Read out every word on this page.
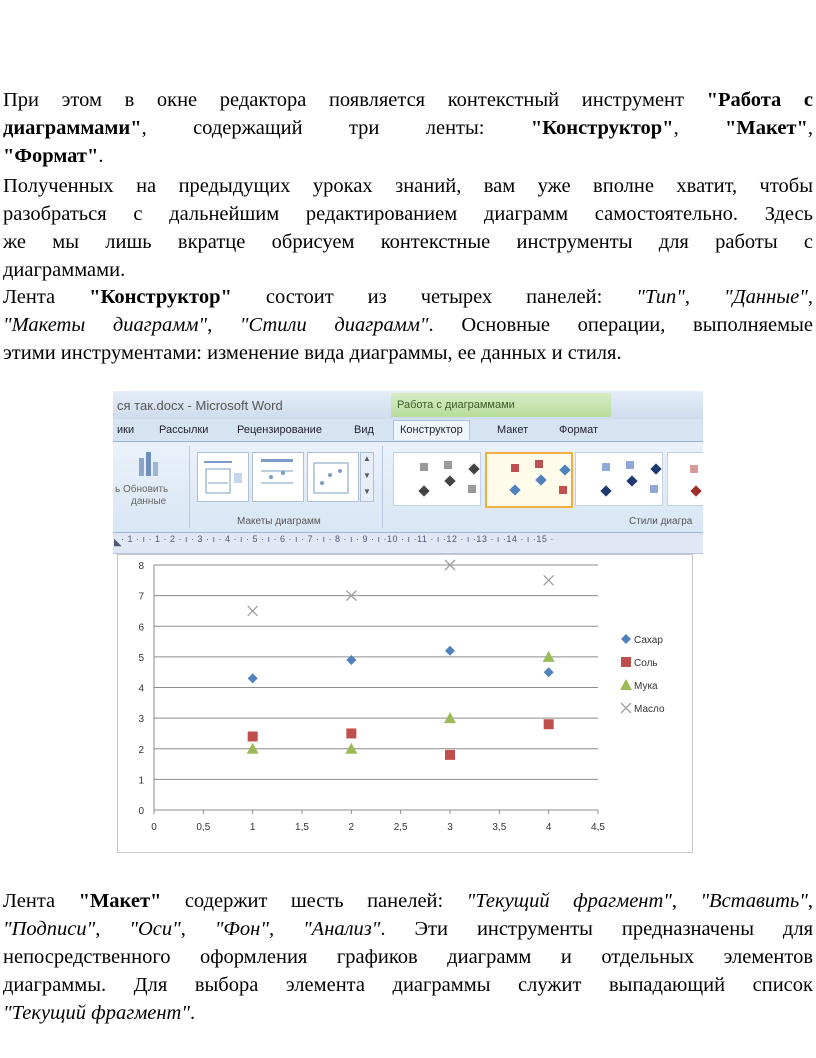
При этом в окне редактора появляется контекстный инструмент "Работа с
диаграммами", содержащий три ленты: "Конструктор", "Макет",
"Формат".
Полученных на предыдущих уроках знаний, вам уже вполне хватит, чтобы
разобраться с дальнейшим редактированием диаграмм самостоятельно. Здесь
же мы лишь вкратце обрисуем контекстные инструменты для работы с
диаграммами.
Лента "Конструктор" состоит из четырех панелей: "Тип", "Данные",
"Макеты диаграмм", "Стили диаграмм". Основные операции, выполняемые
этими инструментами: изменение вида диаграммы, ее данных и стиля.
ся так.docx - Microsoft Word	Работа с диаграммами
ики Рассылки	Рецензирование	Вид	Конструктор	Макет	Формат
ь Обновить
данные
▲
▼
▼
Макеты диаграмм	Стили диагра
◣ · 1 · ı · 1 · 2 · ı · 3 · ı · 4 · ı · 5 · ı · 6 · ı · 7 · ı · 8 · ı · 9 · ı ·10 · ı ·11 · ı ·12 · ı ·13 · ı ·14 · ı ·15 ·
0
1
2
3
4
5
6
7
8
0	0,5	1	1,5	2	2,5	3	3,5	4	4,5
Сахар
Соль
Мука
Масло
Лента "Макет" содержит шесть панелей: "Текущий фрагмент", "Вставить",
"Подписи", "Оси", "Фон", "Анализ". Эти инструменты предназначены для
непосредственного оформления графиков диаграмм и отдельных элементов
диаграммы. Для выбора элемента диаграммы служит выпадающий список
"Текущий фрагмент".
